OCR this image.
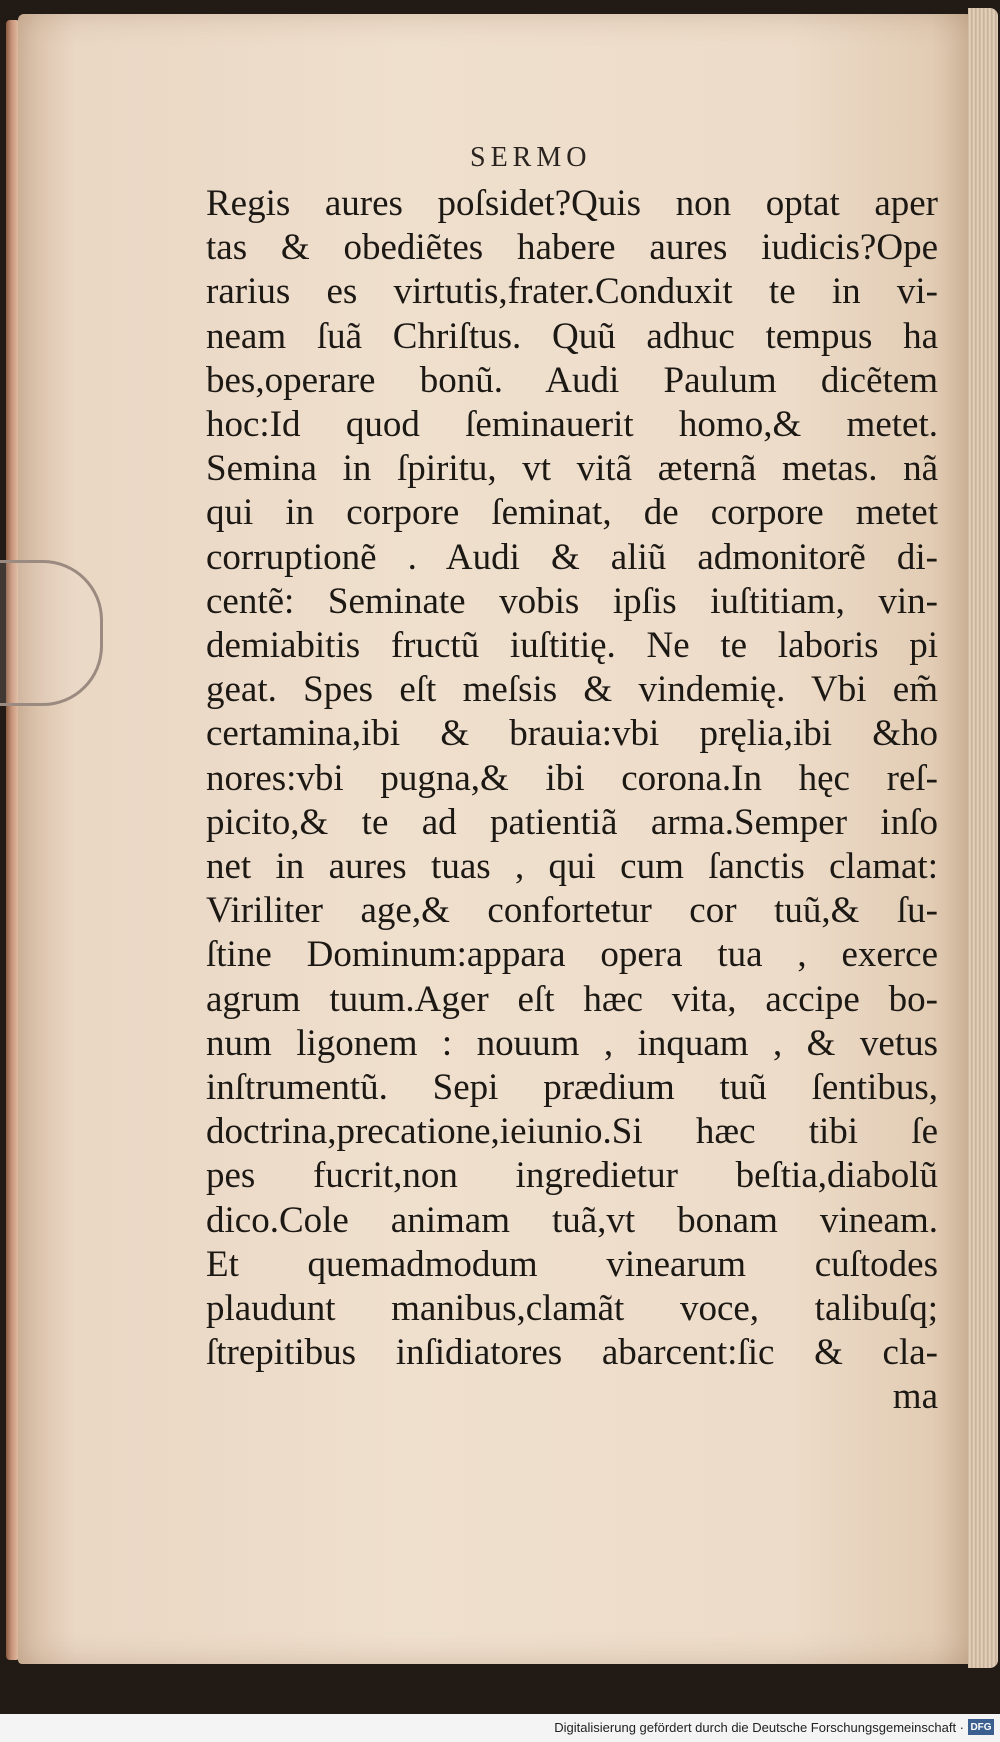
SERMO
Regis aures poſsidet?Quis non optat aper
tas & obediẽtes habere aures iudicis?Ope
rarius es virtutis,frater.Conduxit te in vi-
neam ſuã Chriſtus. Quũ adhuc tempus ha
bes,operare bonũ. Audi Paulum dicẽtem
hoc:Id quod ſeminauerit homo,& metet.
Semina in ſpiritu, vt vitã æternã metas. nã
qui in corpore ſeminat, de corpore metet
corruptionẽ . Audi & aliũ admonitorẽ di-
centẽ: Seminate vobis ipſis iuſtitiam, vin-
demiabitis fructũ iuſtitię. Ne te laboris pi
geat. Spes eſt meſsis & vindemię. Vbi em̃
certamina,ibi & brauia:vbi pręlia,ibi &ho
nores:vbi pugna,& ibi corona.In hęc reſ-
picito,& te ad patientiã arma.Semper inſo
net in aures tuas , qui cum ſanctis clamat:
Viriliter age,& confortetur cor tuũ,& ſu-
ſtine Dominum:appara opera tua , exerce
agrum tuum.Ager eſt hæc vita, accipe bo-
num ligonem : nouum , inquam , & vetus
inſtrumentũ. Sepi prædium tuũ ſentibus,
doctrina,precatione,ieiunio.Si hæc tibi ſe
pes fucrit,non ingredietur beſtia,diabolũ
dico.Cole animam tuã,vt bonam vineam.
Et quemadmodum vinearum cuſtodes
plaudunt manibus,clamãt voce, talibuſq;
ſtrepitibus inſidiatores abarcent:ſic & cla-
ma
Digitalisierung gefördert durch die Deutsche Forschungsgemeinschaft · DFG
